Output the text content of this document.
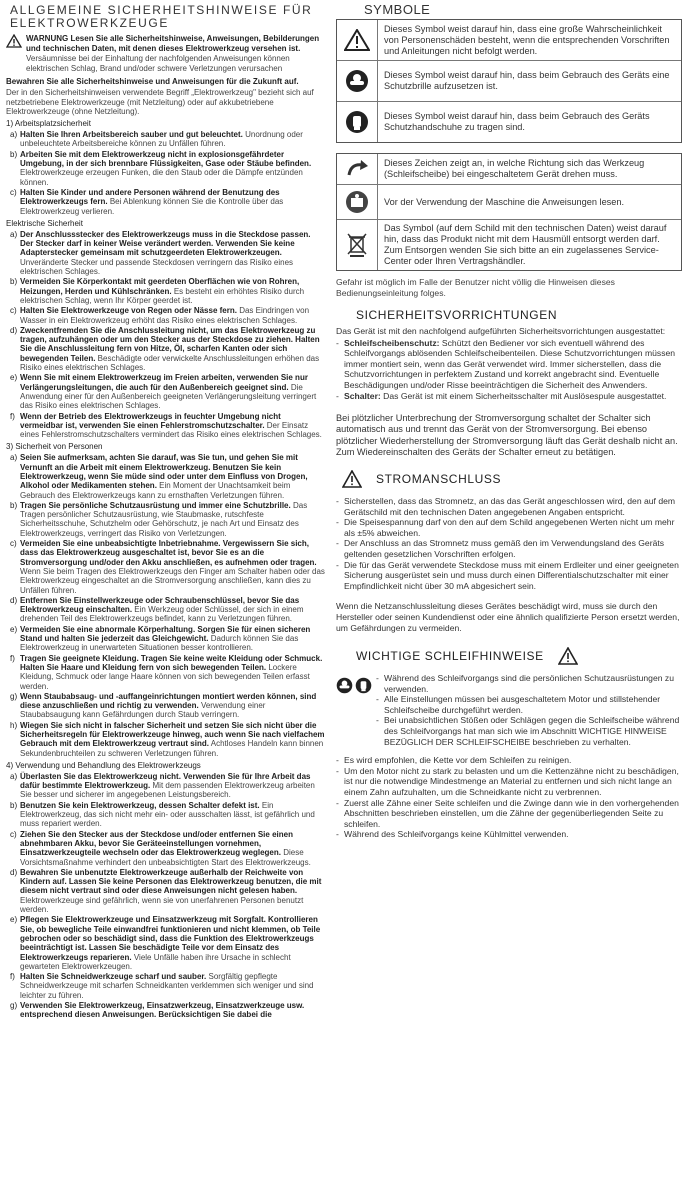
ALLGEMEINE SICHERHEITSHINWEISE FÜR ELEKTROWERKZEUGE
WARNUNG Lesen Sie alle Sicherheitshinweise, Anweisungen, Bebilderungen und technischen Daten, mit denen dieses Elektrowerkzeug versehen ist. Versäumnisse bei der Einhaltung der nachfolgenden Anweisungen können elektrischen Schlag, Brand und/oder schwere Verletzungen verursachen
Bewahren Sie alle Sicherheitshinweise und Anweisungen für die Zukunft auf.
Der in den Sicherheitshinweisen verwendete Begriff „Elektrowerkzeug" bezieht sich auf netzbetriebene Elektrowerkzeuge (mit Netzleitung) oder auf akkubetriebene Elektrowerkzeuge (ohne Netzleitung).
1) Arbeitsplatzsicherheit
a) Halten Sie Ihren Arbeitsbereich sauber und gut beleuchtet. Unordnung oder unbeleuchtete Arbeitsbereiche können zu Unfällen führen.
b) Arbeiten Sie mit dem Elektrowerkzeug nicht in explosionsgefährdeter Umgebung, in der sich brennbare Flüssigkeiten, Gase oder Stäube befinden. Elektrowerkzeuge erzeugen Funken, die den Staub oder die Dämpfe entzünden können.
c) Halten Sie Kinder und andere Personen während der Benutzung des Elektrowerkzeugs fern. Bei Ablenkung können Sie die Kontrolle über das Elektrowerkzeug verlieren.
Elektrische Sicherheit
a) Der Anschlussstecker des Elektrowerkzeugs muss in die Steckdose passen. Der Stecker darf in keiner Weise verändert werden. Verwenden Sie keine Adapterstecker gemeinsam mit schutzgeerdeten Elektrowerkzeugen. Unveränderte Stecker und passende Steckdosen verringern das Risiko eines elektrischen Schlages.
b) Vermeiden Sie Körperkontakt mit geerdeten Oberflächen wie von Rohren, Heizungen, Herden und Kühlschränken. Es besteht ein erhöhtes Risiko durch elektrischen Schlag, wenn Ihr Körper geerdet ist.
c) Halten Sie Elektrowerkzeuge von Regen oder Nässe fern. Das Eindringen von Wasser in ein Elektrowerkzeug erhöht das Risiko eines elektrischen Schlages.
d) Zweckentfremden Sie die Anschlussleitung nicht, um das Elektrowerkzeug zu tragen, aufzuhängen oder um den Stecker aus der Steckdose zu ziehen. Halten Sie die Anschlussleitung fern von Hitze, Öl, scharfen Kanten oder sich bewegenden Teilen. Beschädigte oder verwickelte Anschlussleitungen erhöhen das Risiko eines elektrischen Schlages.
e) Wenn Sie mit einem Elektrowerkzeug im Freien arbeiten, verwenden Sie nur Verlängerungsleitungen, die auch für den Außenbereich geeignet sind. Die Anwendung einer für den Außenbereich geeigneten Verlängerungsleitung verringert das Risiko eines elektrischen Schlages.
f) Wenn der Betrieb des Elektrowerkzeugs in feuchter Umgebung nicht vermeidbar ist, verwenden Sie einen Fehlerstromschutzschalter. Der Einsatz eines Fehlerstromschutzschalters vermindert das Risiko eines elektrischen Schlages.
3) Sicherheit von Personen
a) Seien Sie aufmerksam, achten Sie darauf, was Sie tun, und gehen Sie mit Vernunft an die Arbeit mit einem Elektrowerkzeug. Benutzen Sie kein Elektrowerkzeug, wenn Sie müde sind oder unter dem Einfluss von Drogen, Alkohol oder Medikamenten stehen. Ein Moment der Unachtsamkeit beim Gebrauch des Elektrowerkzeugs kann zu ernsthaften Verletzungen führen.
b) Tragen Sie persönliche Schutzausrüstung und immer eine Schutzbrille. Das Tragen persönlicher Schutzausrüstung, wie Staubmaske, rutschfeste Sicherheitsschuhe, Schutzhelm oder Gehörschutz, je nach Art und Einsatz des Elektrowerkzeugs, verringert das Risiko von Verletzungen.
c) Vermeiden Sie eine unbeabsichtigte Inbetriebnahme. Vergewissern Sie sich, dass das Elektrowerkzeug ausgeschaltet ist, bevor Sie es an die Stromversorgung und/oder den Akku anschließen, es aufnehmen oder tragen. Wenn Sie beim Tragen des Elektrowerkzeugs den Finger am Schalter haben oder das Elektrowerkzeug eingeschaltet an die Stromversorgung anschließen, kann dies zu Unfällen führen.
d) Entfernen Sie Einstellwerkzeuge oder Schraubenschlüssel, bevor Sie das Elektrowerkzeug einschalten. Ein Werkzeug oder Schlüssel, der sich in einem drehenden Teil des Elektrowerkzeugs befindet, kann zu Verletzungen führen.
e) Vermeiden Sie eine abnormale Körperhaltung. Sorgen Sie für einen sicheren Stand und halten Sie jederzeit das Gleichgewicht. Dadurch können Sie das Elektrowerkzeug in unerwarteten Situationen besser kontrollieren.
f) Tragen Sie geeignete Kleidung. Tragen Sie keine weite Kleidung oder Schmuck. Halten Sie Haare und Kleidung fern von sich bewegenden Teilen. Lockere Kleidung, Schmuck oder lange Haare können von sich bewegenden Teilen erfasst werden.
g) Wenn Staubabsaug- und -auffangeinrichtungen montiert werden können, sind diese anzuschließen und richtig zu verwenden. Verwendung einer Staubabsaugung kann Gefährdungen durch Staub verringern.
h) Wiegen Sie sich nicht in falscher Sicherheit und setzen Sie sich nicht über die Sicherheitsregeln für Elektrowerkzeuge hinweg, auch wenn Sie nach vielfachem Gebrauch mit dem Elektrowerkzeug vertraut sind. Achtloses Handeln kann binnen Sekundenbruchteilen zu schweren Verletzungen führen.
4) Verwendung und Behandlung des Elektrowerkzeugs
a) Überlasten Sie das Elektrowerkzeug nicht. Verwenden Sie für Ihre Arbeit das dafür bestimmte Elektrowerkzeug. Mit dem passenden Elektrowerkzeug arbeiten Sie besser und sicherer im angegebenen Leistungsbereich.
b) Benutzen Sie kein Elektrowerkzeug, dessen Schalter defekt ist. Ein Elektrowerkzeug, das sich nicht mehr ein- oder ausschalten lässt, ist gefährlich und muss repariert werden.
c) Ziehen Sie den Stecker aus der Steckdose und/oder entfernen Sie einen abnehmbaren Akku, bevor Sie Geräteeinstellungen vornehmen, Einsatzwerkzeugteile wechseln oder das Elektrowerkzeug weglegen. Diese Vorsichtsmaßnahme verhindert den unbeabsichtigten Start des Elektrowerkzeugs.
d) Bewahren Sie unbenutzte Elektrowerkzeuge außerhalb der Reichweite von Kindern auf. Lassen Sie keine Personen das Elektrowerkzeug benutzen, die mit diesem nicht vertraut sind oder diese Anweisungen nicht gelesen haben. Elektrowerkzeuge sind gefährlich, wenn sie von unerfahrenen Personen benutzt werden.
e) Pflegen Sie Elektrowerkzeuge und Einsatzwerkzeug mit Sorgfalt. Kontrollieren Sie, ob bewegliche Teile einwandfrei funktionieren und nicht klemmen, ob Teile gebrochen oder so beschädigt sind, dass die Funktion des Elektrowerkzeugs beeinträchtigt ist. Lassen Sie beschädigte Teile vor dem Einsatz des Elektrowerkzeugs reparieren. Viele Unfälle haben ihre Ursache in schlecht gewarteten Elektrowerkzeugen.
f) Halten Sie Schneidwerkzeuge scharf und sauber. Sorgfältig gepflegte Schneidwerkzeuge mit scharfen Schneidkanten verklemmen sich weniger und sind leichter zu führen.
g) Verwenden Sie Elektrowerkzeug, Einsatzwerkzeug, Einsatzwerkzeuge usw. entsprechend diesen Anweisungen. Berücksichtigen Sie dabei die
SYMBOLE
Dieses Symbol weist darauf hin, dass eine große Wahrscheinlichkeit von Personenschäden besteht, wenn die entsprechenden Vorschriften und Anleitungen nicht befolgt werden.
Dieses Symbol weist darauf hin, dass beim Gebrauch des Geräts eine Schutzbrille aufzusetzen ist.
Dieses Symbol weist darauf hin, dass beim Gebrauch des Geräts Schutzhandschuhe zu tragen sind.
Dieses Zeichen zeigt an, in welche Richtung sich das Werkzeug (Schleifscheibe) bei eingeschaltetem Gerät drehen muss.
Vor der Verwendung der Maschine die Anweisungen lesen.
Das Symbol (auf dem Schild mit den technischen Daten) weist darauf hin, dass das Produkt nicht mit dem Hausmüll entsorgt werden darf. Zum Entsorgen wenden Sie sich bitte an ein zugelassenes Service-Center oder Ihren Vertragshändler.
Gefahr ist möglich im Falle der Benutzer nicht völlig die Hinweisen dieses Bedienungseinleitung folges.
SICHERHEITSVORRICHTUNGEN
Das Gerät ist mit den nachfolgend aufgeführten Sicherheitsvorrichtungen ausgestattet:
- Schleifscheibenschutz: Schützt den Bediener vor sich eventuell während des Schleifvorgangs ablösenden Schleifscheibenteilen. Diese Schutzvorrichtungen müssen immer montiert sein, wenn das Gerät verwendet wird. Immer sicherstellen, dass die Schutzvorrichtungen in perfektem Zustand und korrekt angebracht sind. Eventuelle Beschädigungen und/oder Risse beeinträchtigen die Sicherheit des Anwenders.
- Schalter: Das Gerät ist mit einem Sicherheitsschalter mit Auslösespule ausgestattet.
Bei plötzlicher Unterbrechung der Stromversorgung schaltet der Schalter sich automatisch aus und trennt das Gerät von der Stromversorgung. Bei ebenso plötzlicher Wiederherstellung der Stromversorgung läuft das Gerät deshalb nicht an. Zum Wiedereinschalten des Geräts der Schalter erneut zu betätigen.
STROMANSCHLUSS
- Sicherstellen, dass das Stromnetz, an das das Gerät angeschlossen wird, den auf dem Gerätschild mit den technischen Daten angegebenen Angaben entspricht.
- Die Speisespannung darf von den auf dem Schild angegebenen Werten nicht um mehr als ±5% abweichen.
- Der Anschluss an das Stromnetz muss gemäß den im Verwendungsland des Geräts geltenden gesetzlichen Vorschriften erfolgen.
- Die für das Gerät verwendete Steckdose muss mit einem Erdleiter und einer geeigneten Sicherung ausgerüstet sein und muss durch einen Differentialschutzschalter mit einer Empfindlichkeit nicht über 30 mA abgesichert sein.
Wenn die Netzanschlussleitung dieses Gerätes beschädigt wird, muss sie durch den Hersteller oder seinen Kundendienst oder eine ähnlich qualifizierte Person ersetzt werden, um Gefährdungen zu vermeiden.
WICHTIGE SCHLEIFHINWEISE
- Während des Schleifvorgangs sind die persönlichen Schutzausrüstungen zu verwenden.
- Alle Einstellungen müssen bei ausgeschaltetem Motor und stillstehender Schleifscheibe durchgeführt werden.
- Bei unabsichtlichen Stößen oder Schlägen gegen die Schleifscheibe während des Schleifvorgangs hat man sich wie im Abschnitt WICHTIGE HINWEISE BEZÜGLICH DER SCHLEIFSCHEIBE beschrieben zu verhalten.
- Es wird empfohlen, die Kette vor dem Schleifen zu reinigen.
- Um den Motor nicht zu stark zu belasten und um die Kettenzähne nicht zu beschädigen, ist nur die notwendige Mindestmenge an Material zu entfernen und sich nicht lange an einem Zahn aufzuhalten, um die Schneidkante nicht zu verbrennen.
- Zuerst alle Zähne einer Seite schleifen und die Zwinge dann wie in den vorhergehenden Abschnitten beschrieben einstellen, um die Zähne der gegenüberliegenden Seite zu schleifen.
- Während des Schleifvorgangs keine Kühlmittel verwenden.
